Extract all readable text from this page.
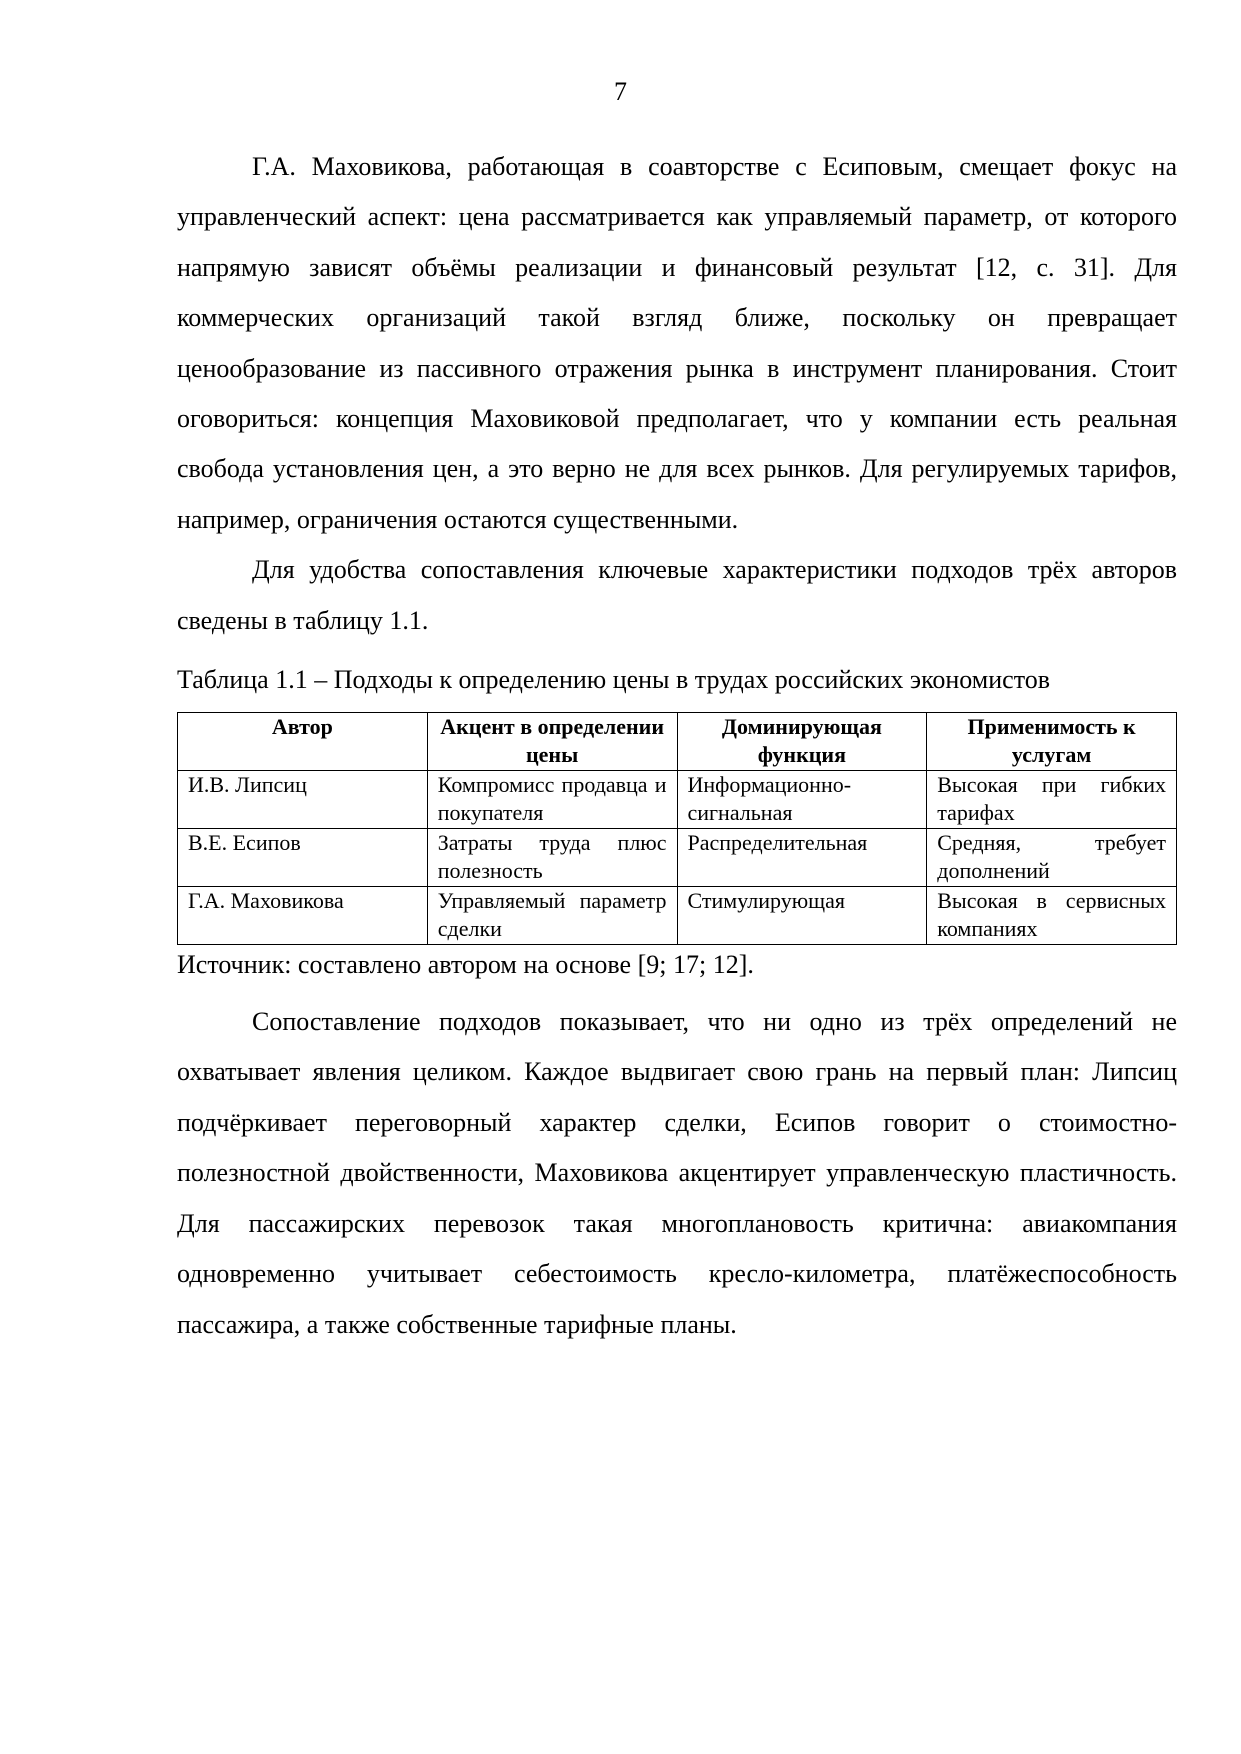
7

Г.А. Маховикова, работающая в соавторстве с Есиповым, смещает фокус на управленческий аспект: цена рассматривается как управляемый параметр, от которого напрямую зависят объёмы реализации и финансовый результат [12, с. 31]. Для коммерческих организаций такой взгляд ближе, поскольку он превращает ценообразование из пассивного отражения рынка в инструмент планирования. Стоит оговориться: концепция Маховиковой предполагает, что у компании есть реальная свобода установления цен, а это верно не для всех рынков. Для регулируемых тарифов, например, ограничения остаются существенными.

Для удобства сопоставления ключевые характеристики подходов трёх авторов сведены в таблицу 1.1.

Таблица 1.1 – Подходы к определению цены в трудах российских экономистов
Автор	Акцент в определении цены	Доминирующая функция	Применимость к услугам
И.В. Липсиц	Компромисс продавца и покупателя	Информационно-сигнальная	Высокая при гибких тарифах
В.Е. Есипов	Затраты труда плюс полезность	Распределительная	Средняя, требует дополнений
Г.А. Маховикова	Управляемый параметр сделки	Стимулирующая	Высокая в сервисных компаниях
Источник: составлено автором на основе [9; 17; 12].

Сопоставление подходов показывает, что ни одно из трёх определений не охватывает явления целиком. Каждое выдвигает свою грань на первый план: Липсиц подчёркивает переговорный характер сделки, Есипов говорит о стоимостно-полезностной двойственности, Маховикова акцентирует управленческую пластичность. Для пассажирских перевозок такая многоплановость критична: авиакомпания одновременно учитывает себестоимость кресло-километра, платёжеспособность пассажира, а также собственные тарифные планы.
